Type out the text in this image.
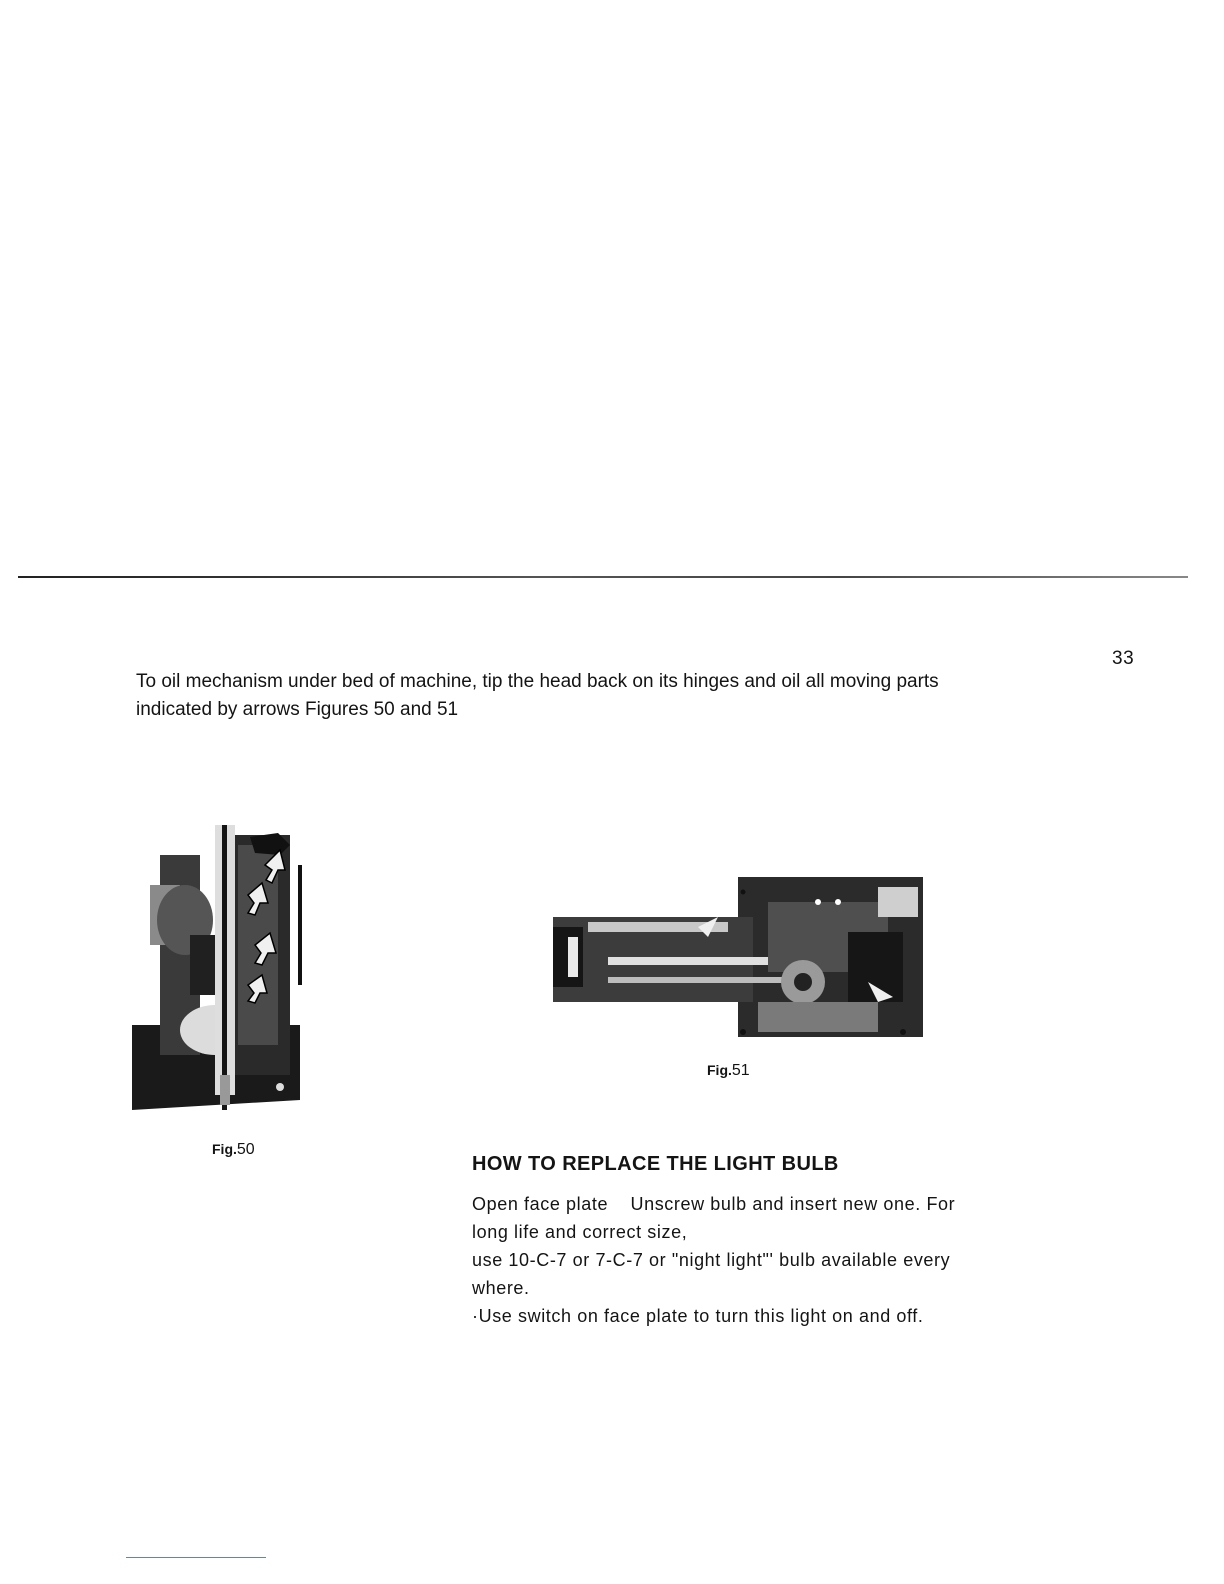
33

To oil mechanism under bed of machine, tip the head back on its hinges and oil all moving parts

indicated by arrows Figures 50 and 51

Fig.50
Fig.51
HOW TO REPLACE THE LIGHT BULB

Open face plate    Unscrew bulb and insert new one. For

long life and correct size,

use 10-C-7 or 7-C-7 or "night light"' bulb available every

where.

·Use switch on face plate to turn this light on and off.
